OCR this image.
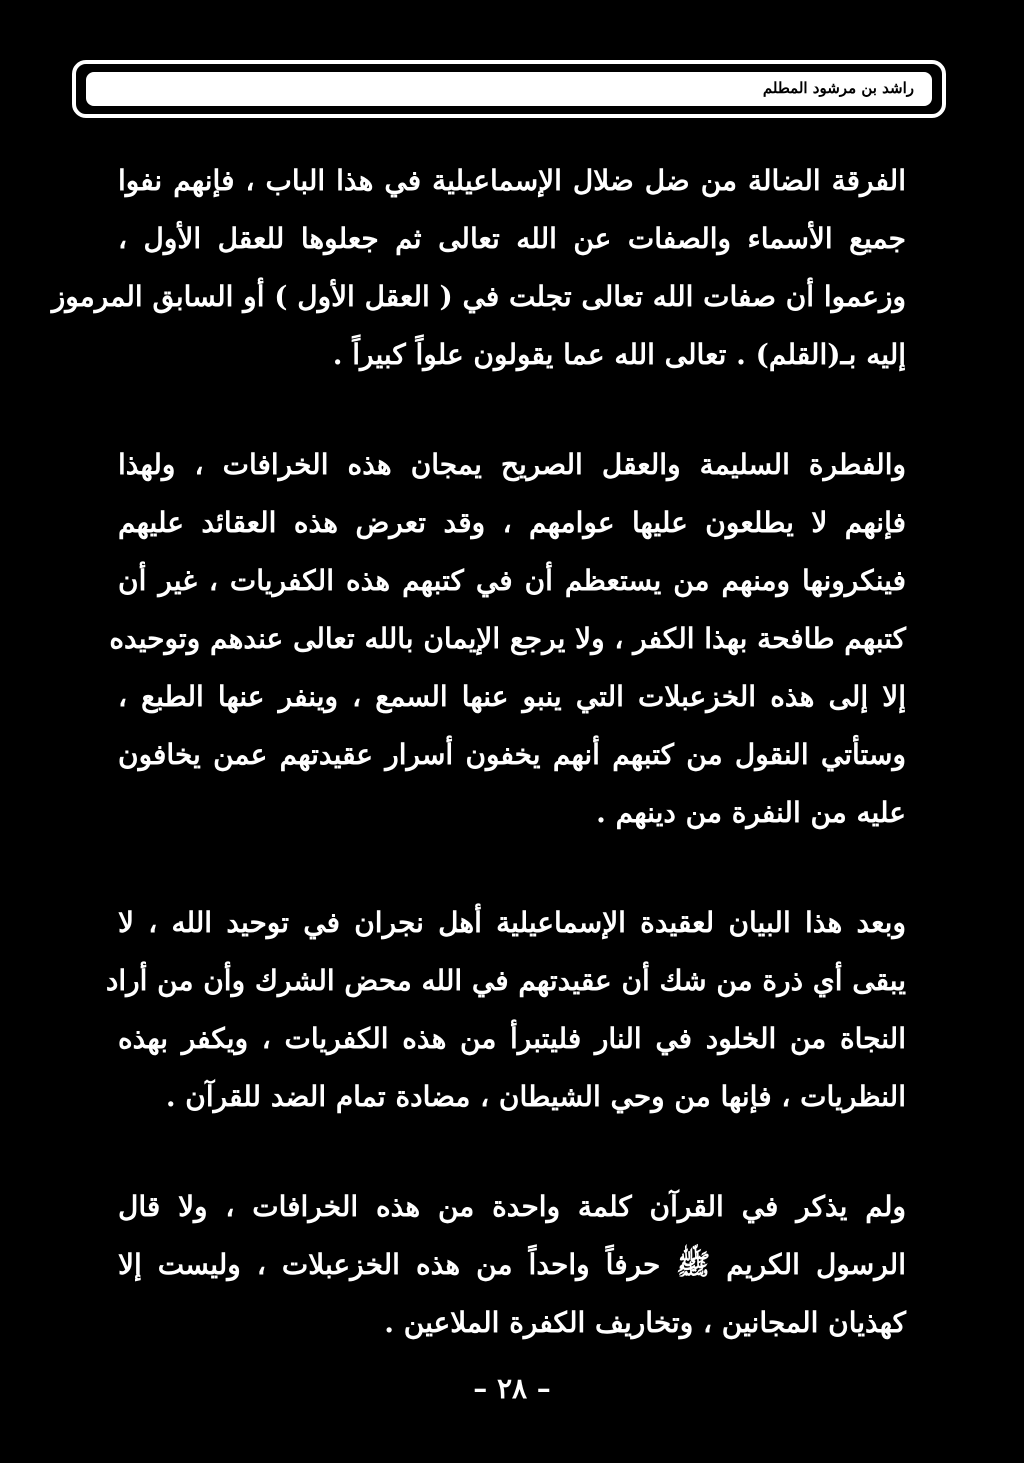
راشد بن مرشود المطلم
الفرقة الضالة من ضل ضلال الإسماعيلية في هذا الباب ، فإنهم نفوا
جميع الأسماء والصفات عن الله تعالى ثم جعلوها للعقل الأول ،
وزعموا أن صفات الله تعالى تجلت في ( العقل الأول ) أو السابق المرموز
إليه بـ(القلم) . تعالى الله عما يقولون علواً كبيراً .
والفطرة السليمة والعقل الصريح يمجان هذه الخرافات ، ولهذا
فإنهم لا يطلعون عليها عوامهم ، وقد تعرض هذه العقائد عليهم
فينكرونها ومنهم من يستعظم أن في كتبهم هذه الكفريات ، غير أن
كتبهم طافحة بهذا الكفر ، ولا يرجع الإيمان بالله تعالى عندهم وتوحيده
إلا إلى هذه الخزعبلات التي ينبو عنها السمع ، وينفر عنها الطبع ،
وستأتي النقول من كتبهم أنهم يخفون أسرار عقيدتهم عمن يخافون
عليه من النفرة من دينهم .
وبعد هذا البيان لعقيدة الإسماعيلية أهل نجران في توحيد الله ، لا
يبقى أي ذرة من شك أن عقيدتهم في الله محض الشرك وأن من أراد
النجاة من الخلود في النار فليتبرأ من هذه الكفريات ، ويكفر بهذه
النظريات ، فإنها من وحي الشيطان ، مضادة تمام الضد للقرآن .
ولم يذكر في القرآن كلمة واحدة من هذه الخرافات ، ولا قال
الرسول الكريم ﷺ حرفاً واحداً من هذه الخزعبلات ، وليست إلا
كهذيان المجانين ، وتخاريف الكفرة الملاعين .
– ٢٨ –
